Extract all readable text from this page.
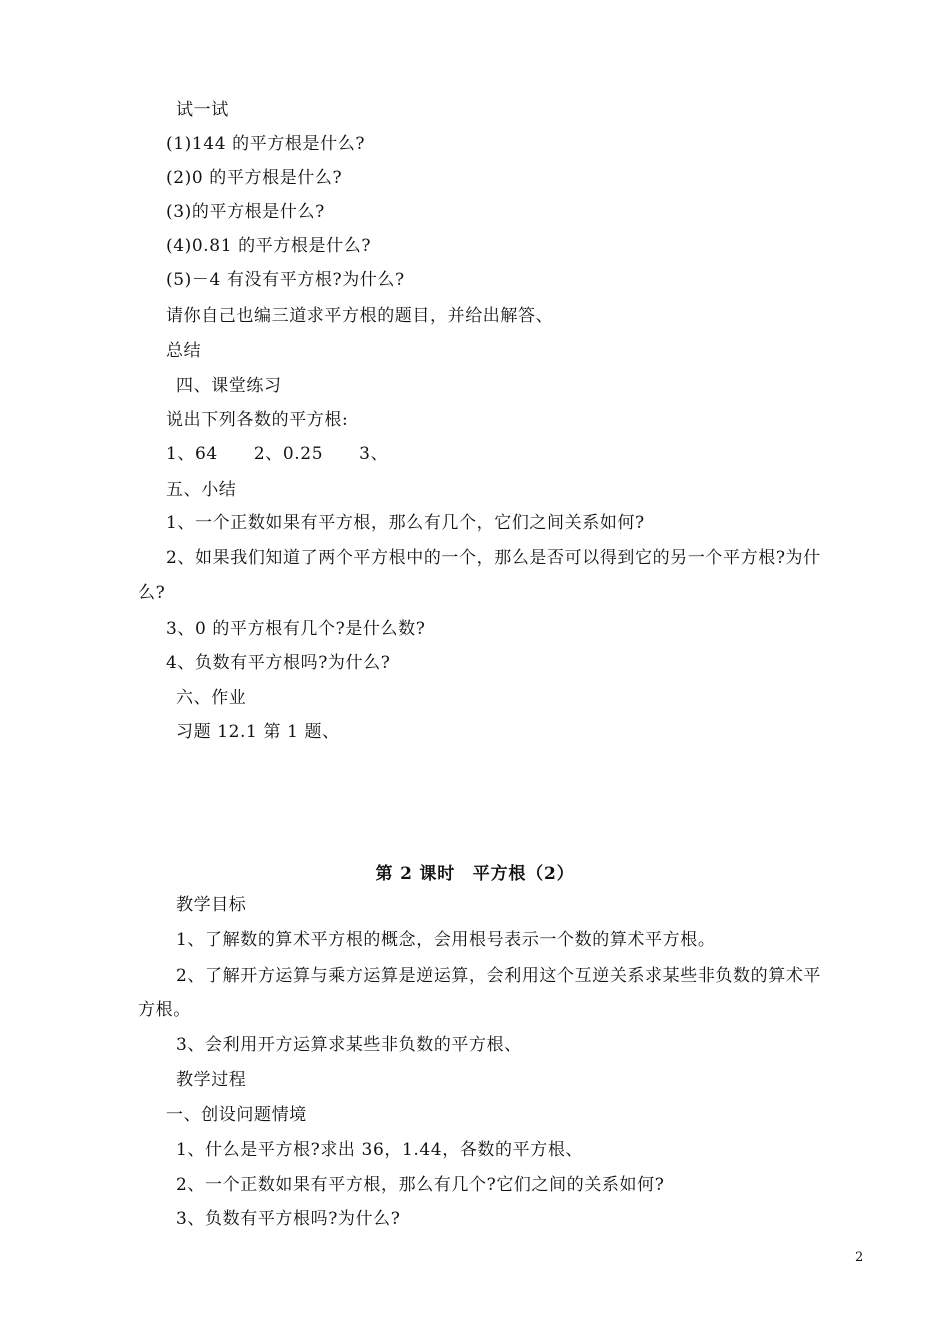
试一试
(1)144 的平方根是什么?
(2)0 的平方根是什么?
(3)的平方根是什么?
(4)0.81 的平方根是什么?
(5)－4 有没有平方根?为什么?
请你自己也编三道求平方根的题目，并给出解答、
总结
四、课堂练习
说出下列各数的平方根:
1、64      2、0.25      3、
五、小结
1、一个正数如果有平方根，那么有几个，它们之间关系如何?
2、如果我们知道了两个平方根中的一个，那么是否可以得到它的另一个平方根?为什
么?
3、0 的平方根有几个?是什么数?
4、负数有平方根吗?为什么?
六、作业
习题 12.1 第 1 题、
第 2 课时　平方根（2）
教学目标
1、了解数的算术平方根的概念，会用根号表示一个数的算术平方根。
2、了解开方运算与乘方运算是逆运算，会利用这个互逆关系求某些非负数的算术平
方根。
3、会利用开方运算求某些非负数的平方根、
教学过程
一、创设问题情境
1、什么是平方根?求出 36，1.44，各数的平方根、
2、一个正数如果有平方根，那么有几个?它们之间的关系如何?
3、负数有平方根吗?为什么?
2
